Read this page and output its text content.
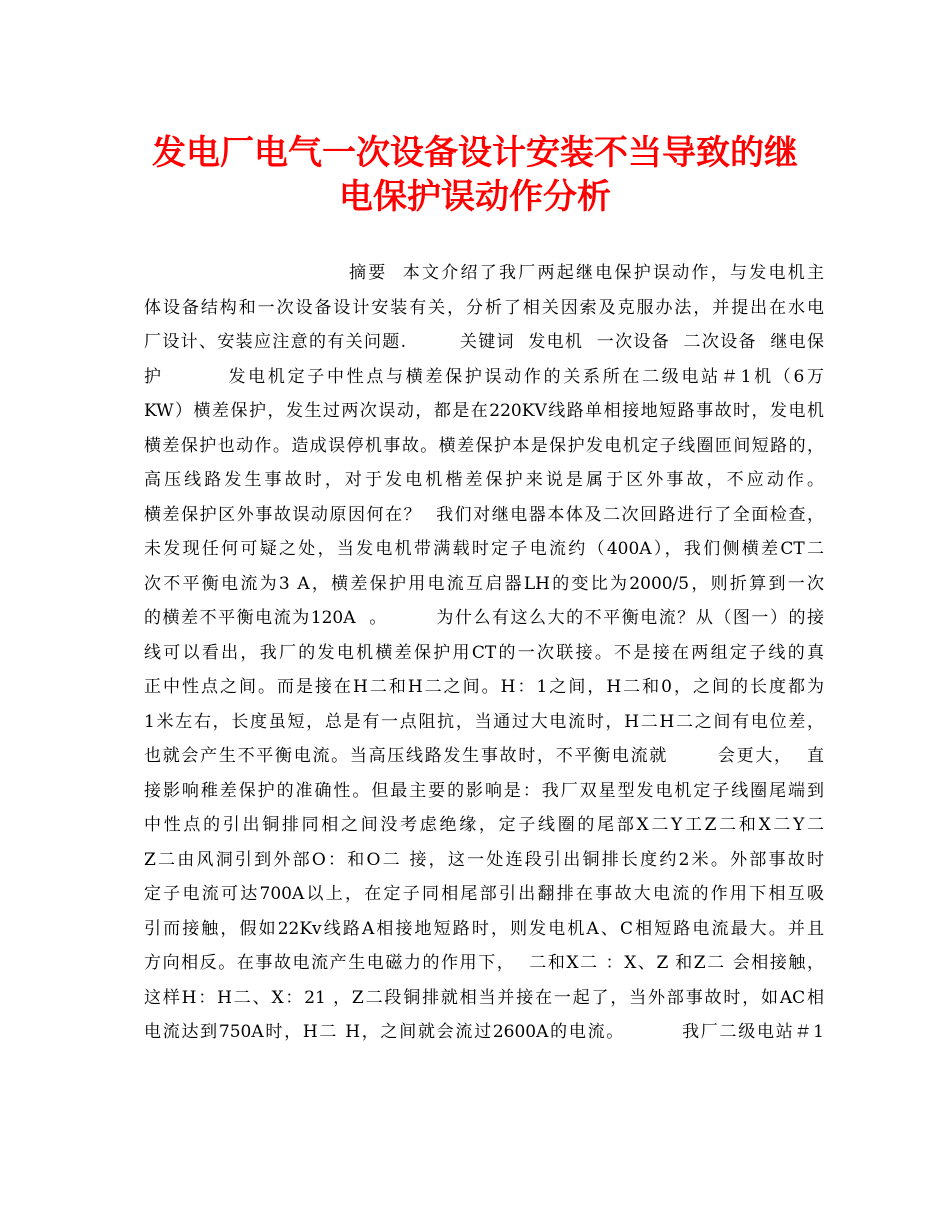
发电厂电气一次设备设计安装不当导致的继
电保护误动作分析
摘要  本文介绍了我厂两起继电保护误动作，与发电机主
体设备结构和一次设备设计安装有关，分析了相关因索及克服办法，并提出在水电
厂设计、安装应注意的有关问题.        关键词  发电机  一次设备  二次设备  继电保
护        发电机定子中性点与横差保护误动作的关系所在二级电站＃1机（6万
KW）横差保护，发生过两次误动，都是在220KV线路单相接地短路事故时，发电机
横差保护也动作。造成误停机事故。横差保护本是保护发电机定子线圈匝间短路的，
高压线路发生事故时，对于发电机楷差保护来说是属于区外事故，不应动作。
横差保护区外事故误动原因何在？  我们对继电器本体及二次回路进行了全面检查，
未发现任何可疑之处，当发电机带满载时定子电流约（400A），我们侧横差CT二
次不平衡电流为3 A，横差保护用电流互启器LH的变比为2000/5，则折算到一次
的横差不平衡电流为120A  。       为什么有这么大的不平衡电流？从（图一）的接
线可以看出，我厂的发电机横差保护用CT的一次联接。不是接在两组定子线的真
正中性点之间。而是接在H二和H二之间。H：1之间，H二和0，之间的长度都为
1米左右，长度虽短，总是有一点阻抗，当通过大电流时，H二H二之间有电位差，
也就会产生不平衡电流。当高压线路发生事故时，不平衡电流就       会更大，  直
接影响稚差保护的准确性。但最主要的影响是：我厂双星型发电机定子线圈尾端到
中性点的引出铜排同相之间没考虑绝缘，定子线圈的尾部X二Y工Z二和X二Y二
Z二由风洞引到外部O：和O二 接，这一处连段引出铜排长度约2米。外部事故时
定子电流可达700A以上，在定子同相尾部引出翻排在事故大电流的作用下相互吸
引而接触，假如22Kv线路A相接地短路时，则发电机A、C相短路电流最大。并且
方向相反。在事故电流产生电磁力的作用下，  二和X二 ：X、Z 和Z二 会相接触，
这样H：H二、X：21 ，Z二段铜排就相当并接在一起了，当外部事故时，如AC相
电流达到750A时，H二 H，之间就会流过2600A的电流。        我厂二级电站＃1
